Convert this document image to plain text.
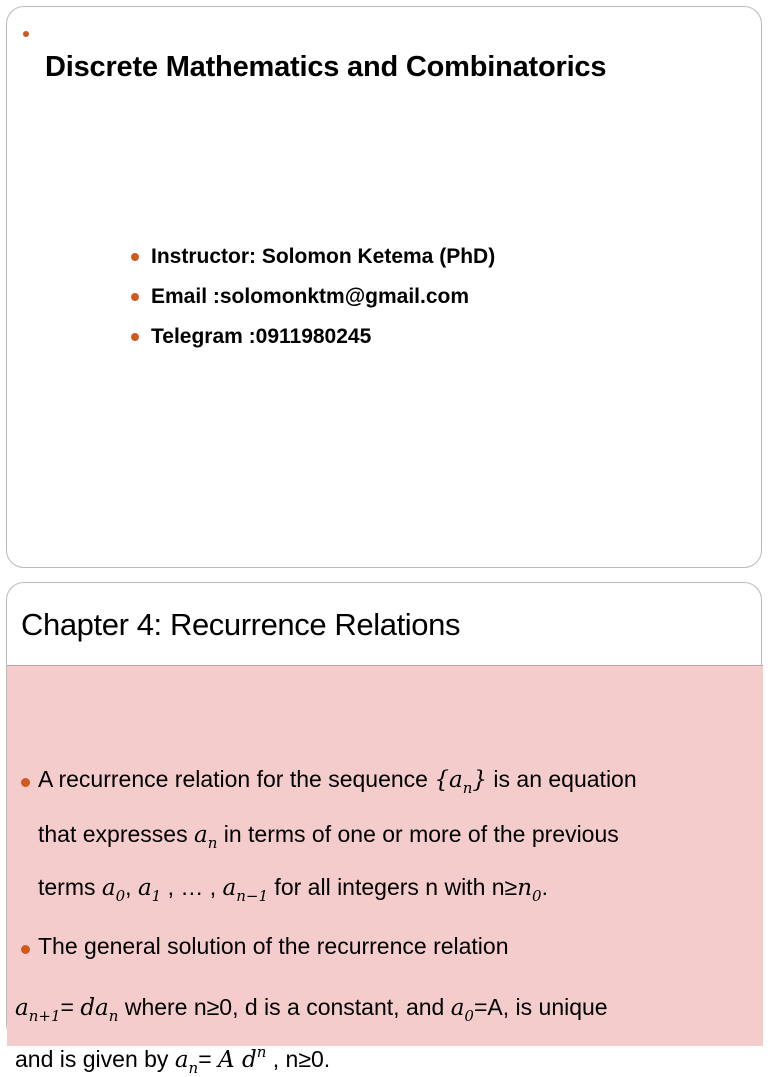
Discrete Mathematics and Combinatorics
Instructor: Solomon Ketema (PhD)
Email :solomonktm@gmail.com
Telegram :0911980245
Chapter 4: Recurrence Relations
A recurrence relation for the sequence $\{a_n\}$ is an equation
that expresses $a_n$ in terms of one or more of the previous
terms $a_0$, $a_1$ , … , $a_{n-1}$ for all integers n with $n\ge n_0$.
The general solution of the recurrence relation
$a_{n+1}= da_n$ where n≥0, d is a constant, and $a_0=A$, is unique
and is given by $a_n= A$ $d^n$ , n≥0.
